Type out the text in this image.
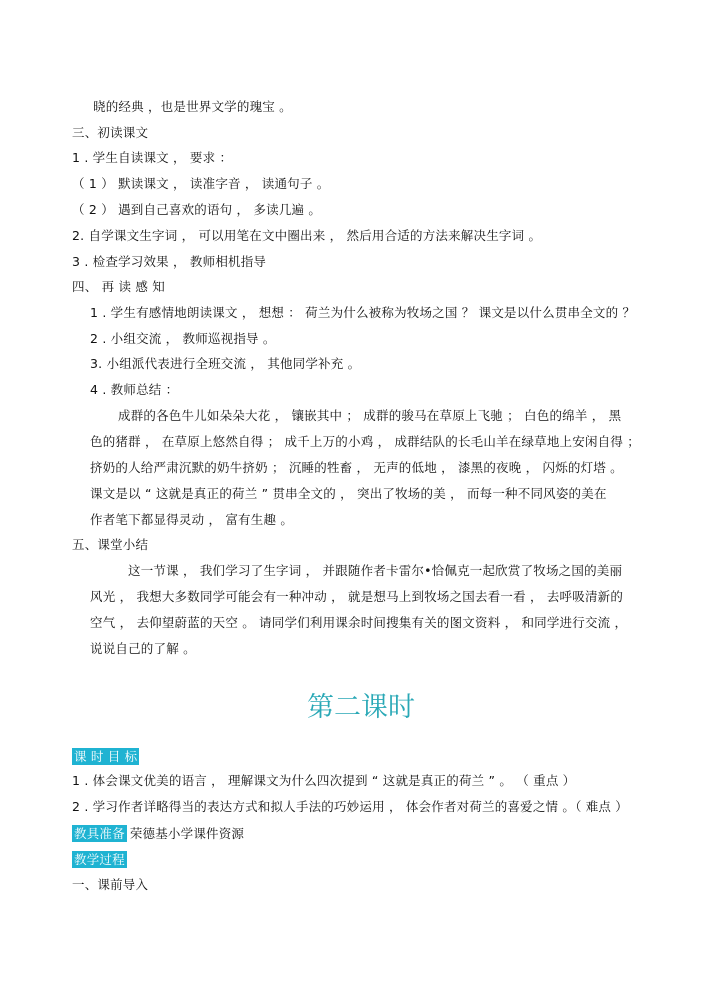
晓的经典 ，也是世界文学的瑰宝 。
三、初读课文
1 . 学生自读课文 ， 要求 ：
（ 1 ） 默读课文 ， 读准字音 ， 读通句子 。
（ 2 ） 遇到自己喜欢的语句 ， 多读几遍 。
2. 自学课文生字词 ， 可以用笔在文中圈出来 ， 然后用合适的方法来解决生字词 。
3 . 检查学习效果 ， 教师相机指导
四、 再 读 感 知
1 . 学生有感情地朗读课文 ， 想想 ： 荷兰为什么被称为牧场之国 ？ 课文是以什么贯串全文的 ？
2 . 小组交流 ， 教师巡视指导 。
3. 小组派代表进行全班交流 ， 其他同学补充 。
4 . 教师总结 ：
成群的各色牛儿如朵朵大花 ， 镶嵌其中 ； 成群的骏马在草原上飞驰 ； 白色的绵羊 ， 黑
色的猪群 ， 在草原上悠然自得 ； 成千上万的小鸡 ， 成群结队的长毛山羊在绿草地上安闲自得 ；
挤奶的人给严肃沉默的奶牛挤奶 ； 沉睡的牲畜 ， 无声的低地 ， 漆黑的夜晚 ， 闪烁的灯塔 。
课文是以 “ 这就是真正的荷兰 ” 贯串全文的 ， 突出了牧场的美 ， 而每一种不同风姿的美在
作者笔下都显得灵动 ， 富有生趣 。
五、课堂小结
这一节课 ， 我们学习了生字词 ， 并跟随作者卡雷尔•恰佩克一起欣赏了牧场之国的美丽
风光 ， 我想大多数同学可能会有一种冲动 ， 就是想马上到牧场之国去看一看 ， 去呼吸清新的
空气 ， 去仰望蔚蓝的天空 。 请同学们利用课余时间搜集有关的图文资料 ， 和同学进行交流 ，
说说自己的了解 。
第二课时
课 时 目 标
1 . 体会课文优美的语言 ， 理解课文为什么四次提到 “ 这就是真正的荷兰 ” 。 （ 重点 ）
2 . 学习作者详略得当的表达方式和拟人手法的巧妙运用 ， 体会作者对荷兰的喜爱之情 。（ 难点 ）
教具准备 荣德基小学课件资源
教学过程
一、课前导入
